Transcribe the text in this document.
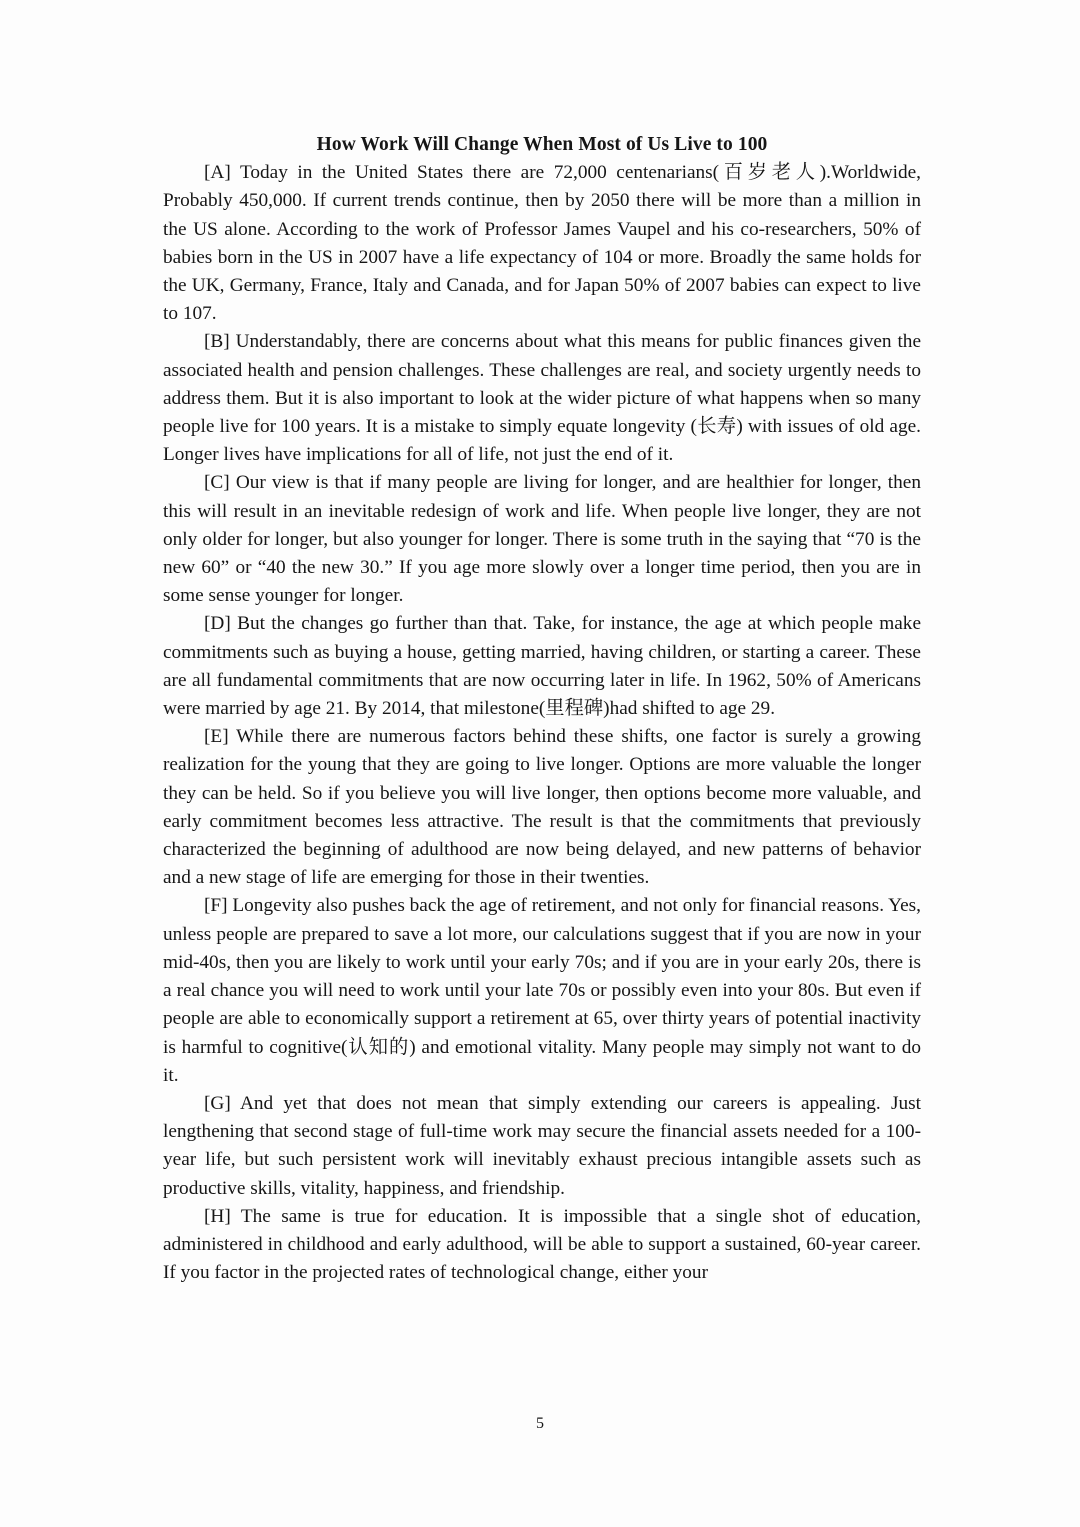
How Work Will Change When Most of Us Live to 100

[A] Today in the United States there are 72,000 centenarians(百岁老人).Worldwide, Probably 450,000. If current trends continue, then by 2050 there will be more than a million in the US alone. According to the work of Professor James Vaupel and his co-researchers, 50% of babies born in the US in 2007 have a life expectancy of 104 or more. Broadly the same holds for the UK, Germany, France, Italy and Canada, and for Japan 50% of 2007 babies can expect to live to 107.

[B] Understandably, there are concerns about what this means for public finances given the associated health and pension challenges. These challenges are real, and society urgently needs to address them. But it is also important to look at the wider picture of what happens when so many people live for 100 years. It is a mistake to simply equate longevity (长寿) with issues of old age. Longer lives have implications for all of life, not just the end of it.

[C] Our view is that if many people are living for longer, and are healthier for longer, then this will result in an inevitable redesign of work and life. When people live longer, they are not only older for longer, but also younger for longer. There is some truth in the saying that “70 is the new 60” or “40 the new 30.” If you age more slowly over a longer time period, then you are in some sense younger for longer.

[D] But the changes go further than that. Take, for instance, the age at which people make commitments such as buying a house, getting married, having children, or starting a career. These are all fundamental commitments that are now occurring later in life. In 1962, 50% of Americans were married by age 21. By 2014, that milestone(里程碑)had shifted to age 29.

[E] While there are numerous factors behind these shifts, one factor is surely a growing realization for the young that they are going to live longer. Options are more valuable the longer they can be held. So if you believe you will live longer, then options become more valuable, and early commitment becomes less attractive. The result is that the commitments that previously characterized the beginning of adulthood are now being delayed, and new patterns of behavior and a new stage of life are emerging for those in their twenties.

[F] Longevity also pushes back the age of retirement, and not only for financial reasons. Yes, unless people are prepared to save a lot more, our calculations suggest that if you are now in your mid-40s, then you are likely to work until your early 70s; and if you are in your early 20s, there is a real chance you will need to work until your late 70s or possibly even into your 80s. But even if people are able to economically support a retirement at 65, over thirty years of potential inactivity is harmful to cognitive(认知的) and emotional vitality. Many people may simply not want to do it.

[G] And yet that does not mean that simply extending our careers is appealing. Just lengthening that second stage of full-time work may secure the financial assets needed for a 100-year life, but such persistent work will inevitably exhaust precious intangible assets such as productive skills, vitality, happiness, and friendship.

[H] The same is true for education. It is impossible that a single shot of education, administered in childhood and early adulthood, will be able to support a sustained, 60-year career. If you factor in the projected rates of technological change, either your

5
